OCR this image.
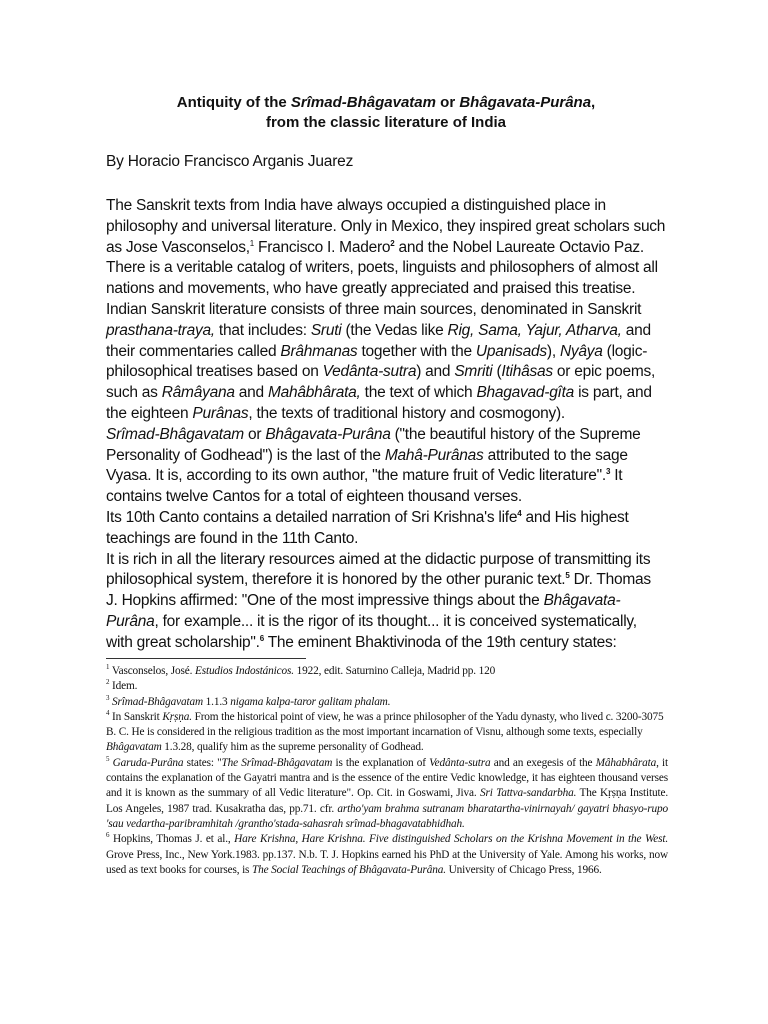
Antiquity of the Srîmad-Bhâgavatam or Bhâgavata-Purâna,
from the classic literature of India
By Horacio Francisco Arganis Juarez

The Sanskrit texts from India have always occupied a distinguished place in philosophy and universal literature. Only in Mexico, they inspired great scholars such as Jose Vasconselos,$^1$ Francisco I. Madero$^2$ and the Nobel Laureate Octavio Paz.

There is a veritable catalog of writers, poets, linguists and philosophers of almost all nations and movements, who have greatly appreciated and praised this treatise.

Indian Sanskrit literature consists of three main sources, denominated in Sanskrit prasthana-traya, that includes: Sruti (the Vedas like Rig, Sama, Yajur, Atharva, and their commentaries called Brâhmanas together with the Upanisads), Nyâya (logic-philosophical treatises based on Vedânta-sutra) and Smriti (Itihâsas or epic poems, such as Râmâyana and Mahâbhârata, the text of which Bhagavad-gîta is part, and the eighteen Purânas, the texts of traditional history and cosmogony).

Srîmad-Bhâgavatam or Bhâgavata-Purâna ("the beautiful history of the Supreme Personality of Godhead") is the last of the Mahâ-Purânas attributed to the sage Vyasa. It is, according to its own author, "the mature fruit of Vedic literature".$^3$ It contains twelve Cantos for a total of eighteen thousand verses.

Its 10th Canto contains a detailed narration of Sri Krishna's life$^4$ and His highest teachings are found in the 11th Canto.

It is rich in all the literary resources aimed at the didactic purpose of transmitting its philosophical system, therefore it is honored by the other puranic text.$^5$ Dr. Thomas J. Hopkins affirmed: "One of the most impressive things about the Bhâgavata-Purâna, for example... it is the rigor of its thought... it is conceived systematically, with great scholarship".$^6$ The eminent Bhaktivinoda of the 19th century states:

$^1$ Vasconselos, José. Estudios Indostánicos. 1922, edit. Saturnino Calleja, Madrid pp. 120

$^2$ Idem.

$^3$ Srîmad-Bhâgavatam 1.1.3 nigama kalpa-taror galitam phalam.

$^4$ In Sanskrit Kṛṣṇa. From the historical point of view, he was a prince philosopher of the Yadu dynasty, who lived c. 3200-3075 B. C. He is considered in the religious tradition as the most important incarnation of Visnu, although some texts, especially Bhâgavatam 1.3.28, qualify him as the supreme personality of Godhead.

$^5$ Garuda-Purâna states: "The Srîmad-Bhâgavatam is the explanation of Vedânta-sutra and an exegesis of the Mâhabhârata, it contains the explanation of the Gayatri mantra and is the essence of the entire Vedic knowledge, it has eighteen thousand verses and it is known as the summary of all Vedic literature". Op. Cit. in Goswami, Jiva. Sri Tattva-sandarbha. The Kṛṣṇa Institute. Los Angeles, 1987 trad. Kusakratha das, pp.71. cfr. artho'yam brahma sutranam bharatartha-vinirnayah/ gayatri bhasyo-rupo 'sau vedartha-paribramhitah /grantho'stada-sahasrah srîmad-bhagavatabhidhah.

$^6$ Hopkins, Thomas J. et al., Hare Krishna, Hare Krishna. Five distinguished Scholars on the Krishna Movement in the West. Grove Press, Inc., New York.1983. pp.137. N.b. T. J. Hopkins earned his PhD at the University of Yale. Among his works, now used as text books for courses, is The Social Teachings of Bhâgavata-Purâna. University of Chicago Press, 1966.
